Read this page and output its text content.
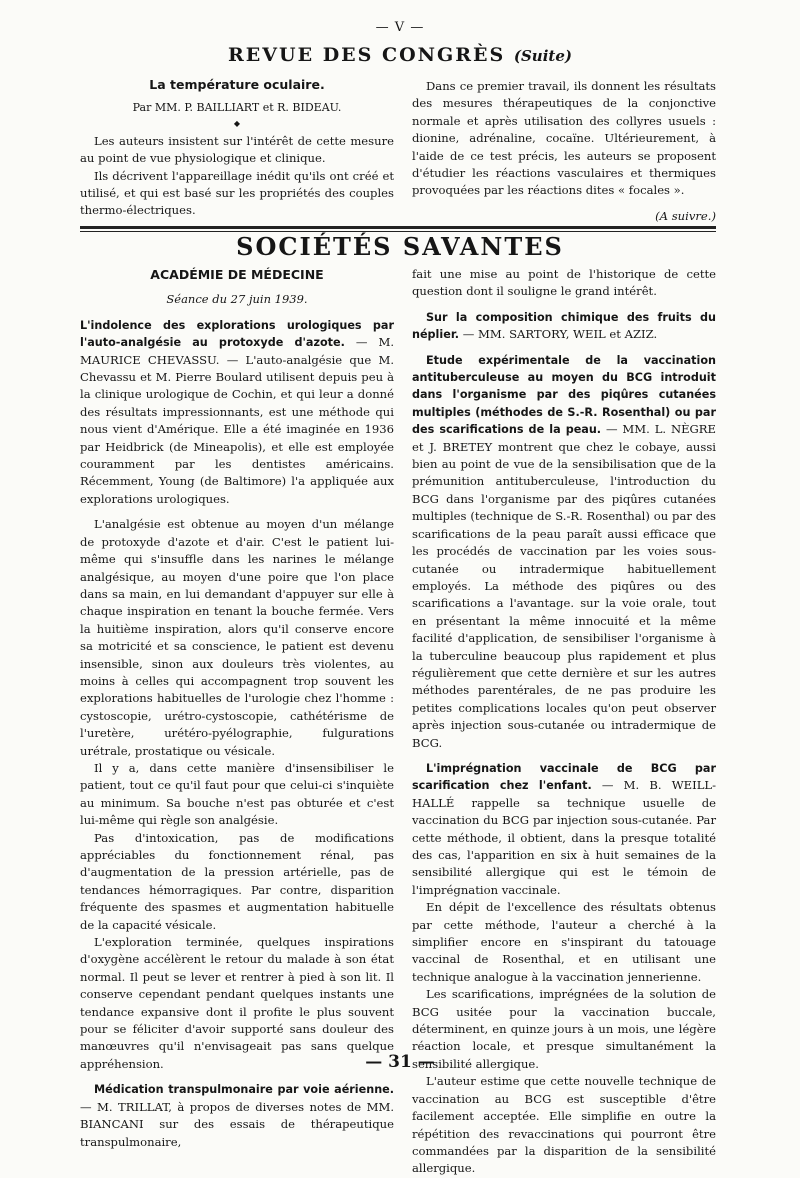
— V —
REVUE DES CONGRÈS (Suite)
La température oculaire.
Par MM. P. BAILLIART et R. BIDEAU.
◆

Les auteurs insistent sur l'intérêt de cette mesure au point de vue physiologique et clinique.

Ils décrivent l'appareillage inédit qu'ils ont créé et utilisé, et qui est basé sur les propriétés des couples thermo-électriques.

Dans ce premier travail, ils donnent les résultats des mesures thérapeutiques de la conjonctive normale et après utilisation des collyres usuels : dionine, adrénaline, cocaïne. Ultérieurement, à l'aide de ce test précis, les auteurs se proposent d'étudier les réactions vasculaires et thermiques provoquées par les réactions dites « focales ».

(A suivre.)
SOCIÉTÉS SAVANTES
ACADÉMIE DE MÉDECINE
Séance du 27 juin 1939.

L'indolence des explorations urologiques par l'auto-analgésie au protoxyde d'azote. — M. MAURICE CHEVASSU. — L'auto-analgésie que M. Chevassu et M. Pierre Boulard utilisent depuis peu à la clinique urologique de Cochin, et qui leur a donné des résultats impressionnants, est une méthode qui nous vient d'Amérique. Elle a été imaginée en 1936 par Heidbrick (de Mineapolis), et elle est employée couramment par les dentistes américains. Récemment, Young (de Baltimore) l'a appliquée aux explorations urologiques.

L'analgésie est obtenue au moyen d'un mélange de protoxyde d'azote et d'air. C'est le patient lui-même qui s'insuffle dans les narines le mélange analgésique, au moyen d'une poire que l'on place dans sa main, en lui demandant d'appuyer sur elle à chaque inspiration en tenant la bouche fermée. Vers la huitième inspiration, alors qu'il conserve encore sa motricité et sa conscience, le patient est devenu insensible, sinon aux douleurs très violentes, au moins à celles qui accompagnent trop souvent les explorations habituelles de l'urologie chez l'homme : cystoscopie, urétro-cystoscopie, cathétérisme de l'uretère, urétéro-pyélographie, fulgurations urétrale, prostatique ou vésicale.

Il y a, dans cette manière d'insensibiliser le patient, tout ce qu'il faut pour que celui-ci s'inquiète au minimum. Sa bouche n'est pas obturée et c'est lui-même qui règle son analgésie.

Pas d'intoxication, pas de modifications appréciables du fonctionnement rénal, pas d'augmentation de la pression artérielle, pas de tendances hémorragiques. Par contre, disparition fréquente des spasmes et augmentation habituelle de la capacité vésicale.

L'exploration terminée, quelques inspirations d'oxygène accélèrent le retour du malade à son état normal. Il peut se lever et rentrer à pied à son lit. Il conserve cependant pendant quelques instants une tendance expansive dont il profite le plus souvent pour se féliciter d'avoir supporté sans douleur des manœuvres qu'il n'envisageait pas sans quelque appréhension.

Médication transpulmonaire par voie aérienne. — M. TRILLAT, à propos de diverses notes de MM. BIANCANI sur des essais de thérapeutique transpulmonaire,

fait une mise au point de l'historique de cette question dont il souligne le grand intérêt.

Sur la composition chimique des fruits du néplier. — MM. SARTORY, WEIL et AZIZ.

Etude expérimentale de la vaccination antituberculeuse au moyen du BCG introduit dans l'organisme par des piqûres cutanées multiples (méthodes de S.-R. Rosenthal) ou par des scarifications de la peau. — MM. L. NÈGRE et J. BRETEY montrent que chez le cobaye, aussi bien au point de vue de la sensibilisation que de la prémunition antituberculeuse, l'introduction du BCG dans l'organisme par des piqûres cutanées multiples (technique de S.-R. Rosenthal) ou par des scarifications de la peau paraît aussi efficace que les procédés de vaccination par les voies sous-cutanée ou intradermique habituellement employés. La méthode des piqûres ou des scarifications a l'avantage. sur la voie orale, tout en présentant la même innocuité et la même facilité d'application, de sensibiliser l'organisme à la tuberculine beaucoup plus rapidement et plus régulièrement que cette dernière et sur les autres méthodes parentérales, de ne pas produire les petites complications locales qu'on peut observer après injection sous-cutanée ou intradermique de BCG.

L'imprégnation vaccinale de BCG par scarification chez l'enfant. — M. B. WEILL-HALLÉ rappelle sa technique usuelle de vaccination du BCG par injection sous-cutanée. Par cette méthode, il obtient, dans la presque totalité des cas, l'apparition en six à huit semaines de la sensibilité allergique qui est le témoin de l'imprégnation vaccinale.

En dépit de l'excellence des résultats obtenus par cette méthode, l'auteur a cherché à la simplifier encore en s'inspirant du tatouage vaccinal de Rosenthal, et en utilisant une technique analogue à la vaccination jennerienne.

Les scarifications, imprégnées de la solution de BCG usitée pour la vaccination buccale, déterminent, en quinze jours à un mois, une légère réaction locale, et presque simultanément la sensibilité allergique.

L'auteur estime que cette nouvelle technique de vaccination au BCG est susceptible d'être facilement acceptée. Elle simplifie en outre la répétition des revaccinations qui pourront être commandées par la disparition de la sensibilité allergique.

— 31 —
